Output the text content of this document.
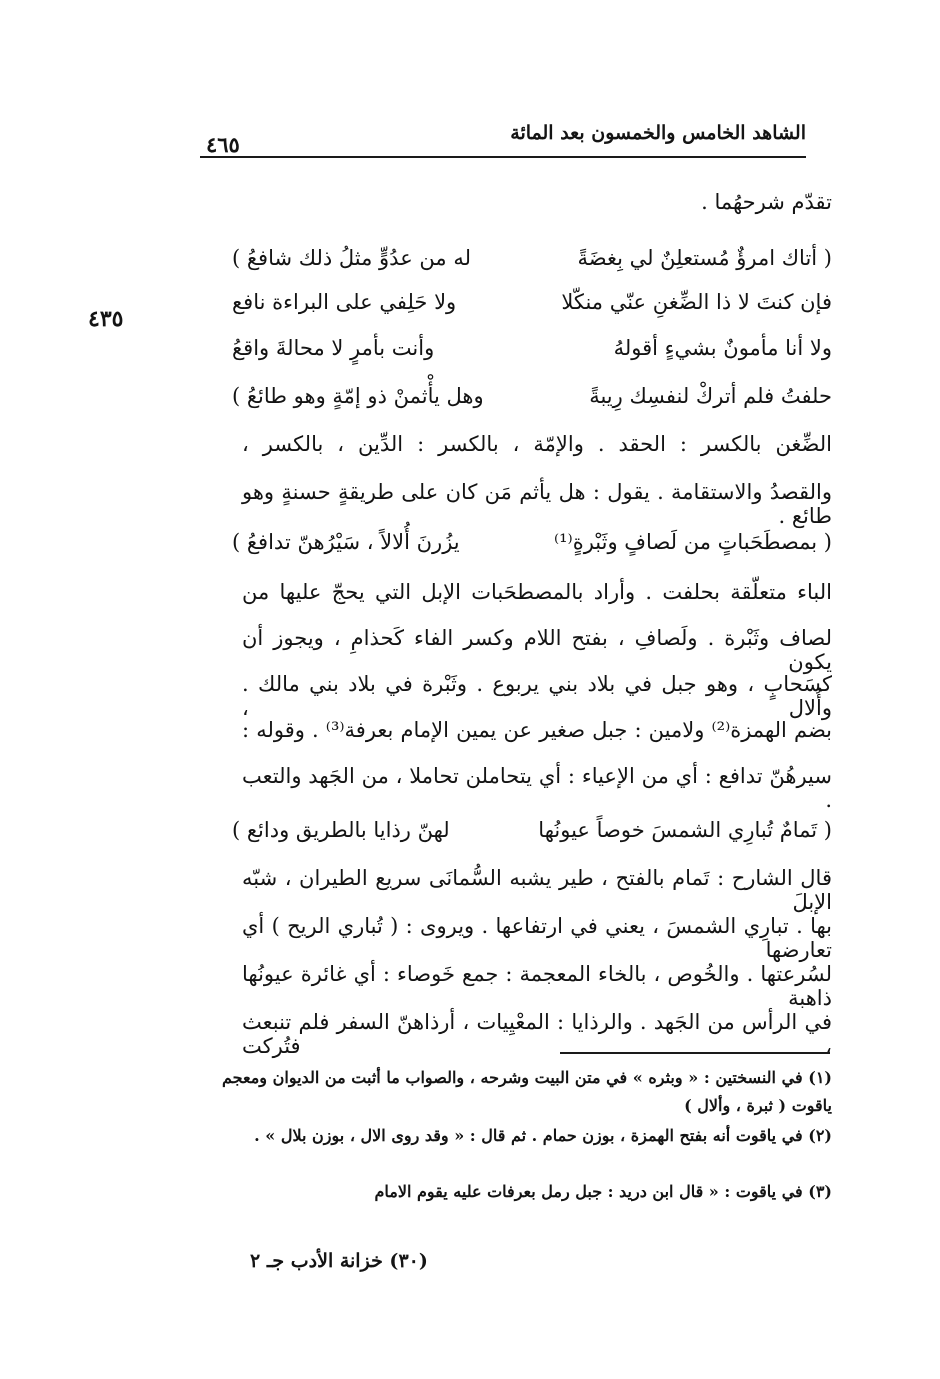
الشاهد الخامس والخمسون بعد المائة
٤٦٥
٤٣٥
تقدّم شرحهُما .
( أتاك امرؤٌ مُستعلِنٌ لي بِغضَةً
له من عدُوٍّ مثلُ ذلك شافعُ )
فإن كنتَ لا ذا الضِّغنِ عنّي منكّلا
ولا حَلِفي على البراءة نافع
ولا أنا مأمونٌ بشيءٍ أقولهُ
وأنت بأمرٍ لا محالةَ واقعُ
حلفتُ فلم أتركْ لنفسِك رِيبةً
وهل يأْثمنْ ذو إمّةٍ وهو طائعُ )
الضِّغن بالكسر : الحقد . والإمّة ، بالكسر : الدِّين ، بالكسر ،
والقصدُ والاستقامة . يقول : هل يأثم مَن كان على طريقةٍ حسنةٍ وهو طائع .
( بمصطَحَباتٍ من لَصافٍ وثَبْرةٍ⁽¹⁾
يزُرنَ أُلالاً ، سَيْرُهنّ تدافعُ )
الباء متعلّقة بحلفت . وأراد بالمصطحَبات الإبل التي يحجّ عليها من
لصاف وثَبْرة . ولَصافِ ، بفتح اللام وكسر الفاء كَحذامِ ، ويجوز أن يكون
كسَحابٍ ، وهو جبل في بلاد بني يربوع . وثَبْرة في بلاد بني مالك . وأُلال ،
بضم الهمزة⁽²⁾ ولامين : جبل صغير عن يمين الإمام بعرفة⁽³⁾ . وقوله :
سيرهُنّ تدافع : أي من الإعياء : أي يتحاملن تحاملا ، من الجَهد والتعب .
( تَمامٌ تُبارِي الشمسَ خوصاً عيونُها
لهنّ رذايا بالطريق ودائع )
قال الشارح : تَمام بالفتح ، طير يشبه السُّمانَى سريع الطيران ، شبّه الإبلَ
بها . تبارِي الشمسَ ، يعني في ارتفاعها . ويروى : ( تُباري الريح ) أي تعارضها
لسُرعتها . والخُوص ، بالخاء المعجمة : جمع خَوصاء : أي غائرة عيونُها ذاهبة
في الرأس من الجَهد . والرذايا : المعْيِيات ، أرذاهنّ السفر فلم تنبعث ، فتُركت
(١) في النسختين : « وبثره » في متن البيت وشرحه ، والصواب ما أثبت من الديوان ومعجم ياقوت ( ثبرة ، وألال )
(٢) في ياقوت أنه بفتح الهمزة ، بوزن حمام . ثم قال : « وقد روى الال ، بوزن بلال » .
(٣) في ياقوت : « قال ابن دريد : جبل رمل بعرفات عليه يقوم الامام
(٣٠) خزانة الأدب جـ ٢
